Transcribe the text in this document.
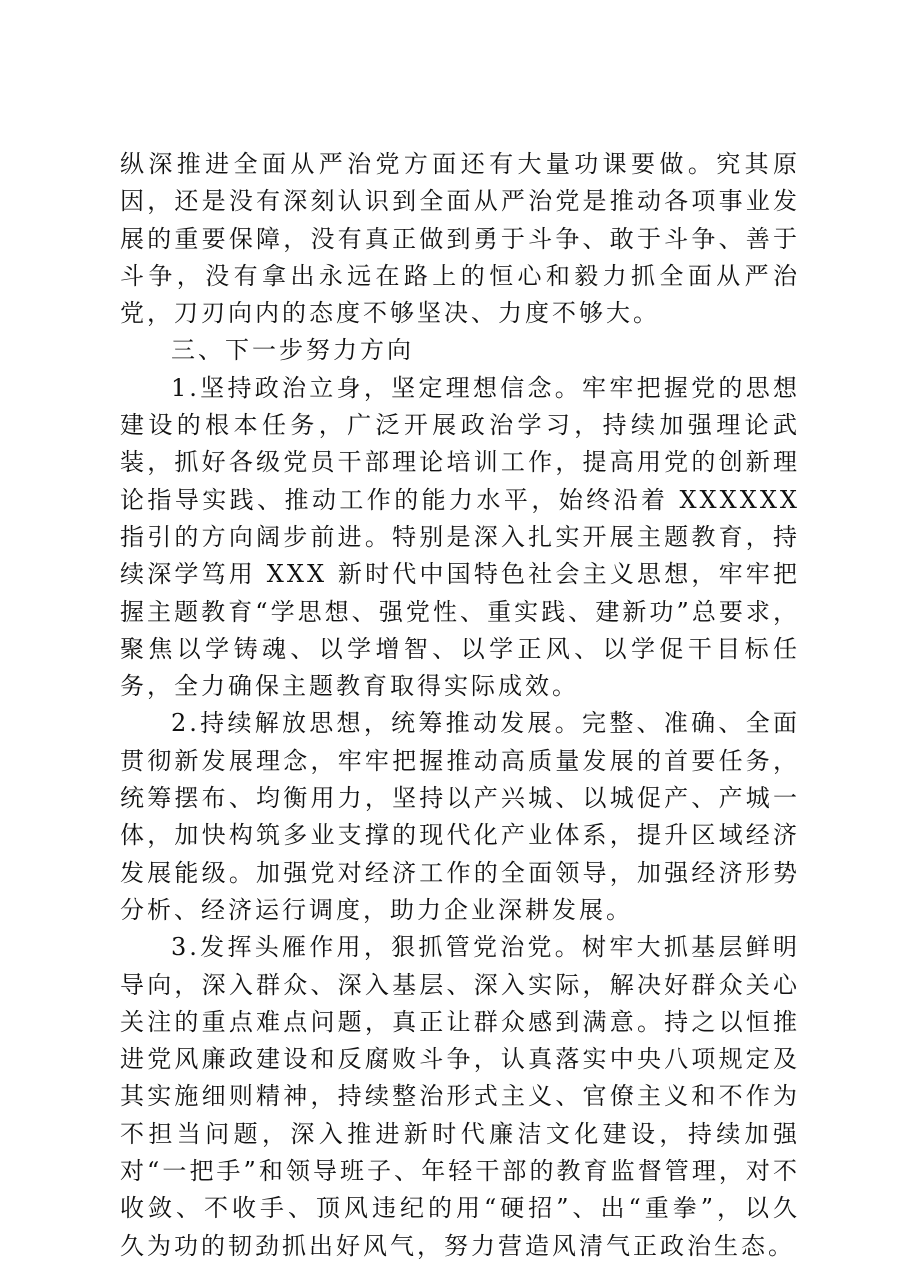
纵深推进全面从严治党方面还有大量功课要做。究其原因，还是没有深刻认识到全面从严治党是推动各项事业发展的重要保障，没有真正做到勇于斗争、敢于斗争、善于斗争，没有拿出永远在路上的恒心和毅力抓全面从严治党，刀刃向内的态度不够坚决、力度不够大。

三、下一步努力方向

1.坚持政治立身，坚定理想信念。牢牢把握党的思想建设的根本任务，广泛开展政治学习，持续加强理论武装，抓好各级党员干部理论培训工作，提高用党的创新理论指导实践、推动工作的能力水平，始终沿着 XXXXXX 指引的方向阔步前进。特别是深入扎实开展主题教育，持续深学笃用 XXX 新时代中国特色社会主义思想，牢牢把握主题教育“学思想、强党性、重实践、建新功”总要求，聚焦以学铸魂、以学增智、以学正风、以学促干目标任务，全力确保主题教育取得实际成效。

2.持续解放思想，统筹推动发展。完整、准确、全面贯彻新发展理念，牢牢把握推动高质量发展的首要任务，统筹摆布、均衡用力，坚持以产兴城、以城促产、产城一体，加快构筑多业支撑的现代化产业体系，提升区域经济发展能级。加强党对经济工作的全面领导，加强经济形势分析、经济运行调度，助力企业深耕发展。

3.发挥头雁作用，狠抓管党治党。树牢大抓基层鲜明导向，深入群众、深入基层、深入实际，解决好群众关心关注的重点难点问题，真正让群众感到满意。持之以恒推进党风廉政建设和反腐败斗争，认真落实中央八项规定及其实施细则精神，持续整治形式主义、官僚主义和不作为不担当问题，深入推进新时代廉洁文化建设，持续加强对“一把手”和领导班子、年轻干部的教育监督管理，对不收敛、不收手、顶风违纪的用“硬招”、出“重拳”，以久久为功的韧劲抓出好风气，努力营造风清气正政治生态。
